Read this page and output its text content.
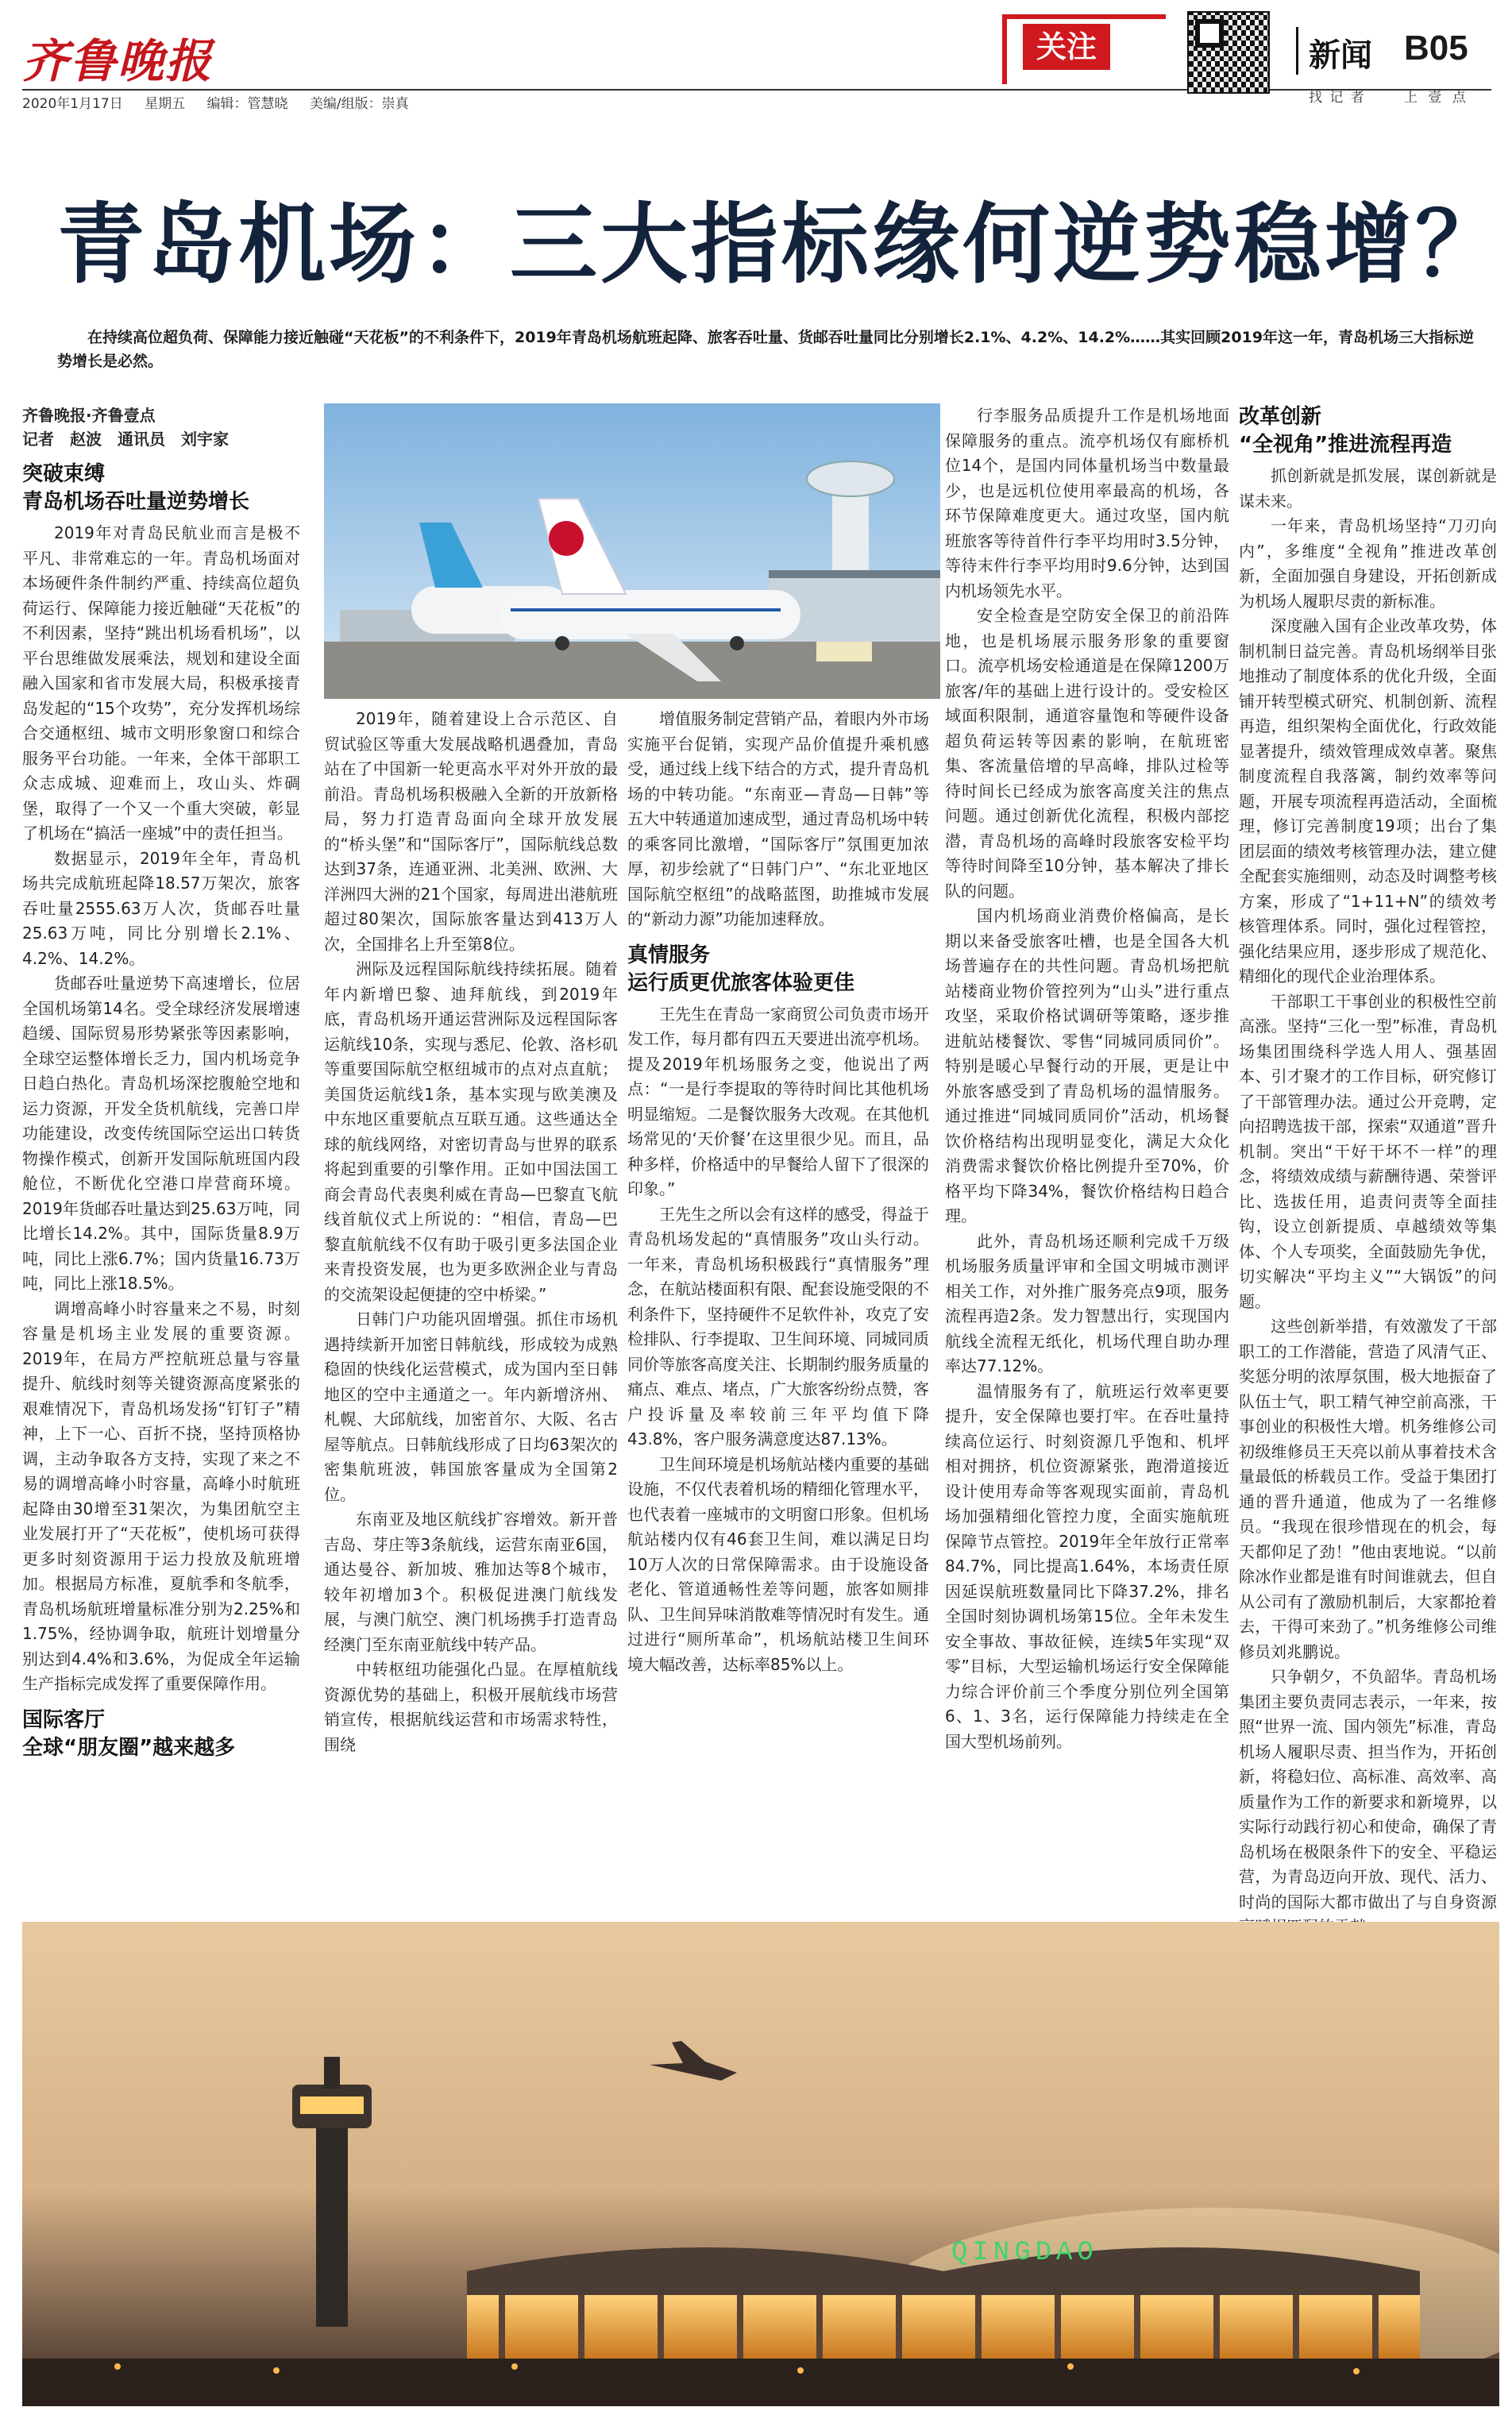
齐鲁晚报
2020年1月17日 星期五 编辑：管慧晓 美编/组版：崇真
关注	新闻 B05
找 记 者	上 壹 点
青岛机场：三大指标缘何逆势稳增？
在持续高位超负荷、保障能力接近触碰“天花板”的不利条件下，2019年青岛机场航班起降、旅客吞吐量、货邮吞吐量同比分别增长2.1%、4.2%、14.2%……其实回顾2019年这一年，青岛机场三大指标逆势增长是必然。
齐鲁晚报·齐鲁壹点
记者　赵波　通讯员　刘宇家
突破束缚
青岛机场吞吐量逆势增长

2019年对青岛民航业而言是极不平凡、非常难忘的一年。青岛机场面对本场硬件条件制约严重、持续高位超负荷运行、保障能力接近触碰“天花板”的不利因素，坚持“跳出机场看机场”，以平台思维做发展乘法，规划和建设全面融入国家和省市发展大局，积极承接青岛发起的“15个攻势”，充分发挥机场综合交通枢纽、城市文明形象窗口和综合服务平台功能。一年来，全体干部职工众志成城、迎难而上，攻山头、炸碉堡，取得了一个又一个重大突破，彰显了机场在“搞活一座城”中的责任担当。

数据显示，2019年全年，青岛机场共完成航班起降18.57万架次，旅客吞吐量2555.63万人次，货邮吞吐量25.63万吨，同比分别增长2.1%、4.2%、14.2%。

货邮吞吐量逆势下高速增长，位居全国机场第14名。受全球经济发展增速趋缓、国际贸易形势紧张等因素影响，全球空运整体增长乏力，国内机场竞争日趋白热化。青岛机场深挖腹舱空地和运力资源，开发全货机航线，完善口岸功能建设，改变传统国际空运出口转货物操作模式，创新开发国际航班国内段舱位，不断优化空港口岸营商环境。2019年货邮吞吐量达到25.63万吨，同比增长14.2%。其中，国际货量8.9万吨，同比上涨6.7%；国内货量16.73万吨，同比上涨18.5%。

调增高峰小时容量来之不易，时刻容量是机场主业发展的重要资源。2019年，在局方严控航班总量与容量提升、航线时刻等关键资源高度紧张的艰难情况下，青岛机场发扬“钉钉子”精神，上下一心、百折不挠，坚持顶格协调，主动争取各方支持，实现了来之不易的调增高峰小时容量，高峰小时航班起降由30增至31架次，为集团航空主业发展打开了“天花板”，使机场可获得更多时刻资源用于运力投放及航班增加。根据局方标准，夏航季和冬航季，青岛机场航班增量标准分别为2.25%和1.75%，经协调争取，航班计划增量分别达到4.4%和3.6%，为促成全年运输生产指标完成发挥了重要保障作用。

国际客厅
全球“朋友圈”越来越多

2019年，随着建设上合示范区、自贸试验区等重大发展战略机遇叠加，青岛站在了中国新一轮更高水平对外开放的最前沿。青岛机场积极融入全新的开放新格局，努力打造青岛面向全球开放发展的“桥头堡”和“国际客厅”，国际航线总数达到37条，连通亚洲、北美洲、欧洲、大洋洲四大洲的21个国家，每周进出港航班超过80架次，国际旅客量达到413万人次，全国排名上升至第8位。

洲际及远程国际航线持续拓展。随着年内新增巴黎、迪拜航线，到2019年底，青岛机场开通运营洲际及远程国际客运航线10条，实现与悉尼、伦敦、洛杉矶等重要国际航空枢纽城市的点对点直航；美国货运航线1条，基本实现与欧美澳及中东地区重要航点互联互通。这些通达全球的航线网络，对密切青岛与世界的联系将起到重要的引擎作用。正如中国法国工商会青岛代表奥利威在青岛—巴黎直飞航线首航仪式上所说的：“相信，青岛—巴黎直航航线不仅有助于吸引更多法国企业来青投资发展，也为更多欧洲企业与青岛的交流架设起便捷的空中桥梁。”

日韩门户功能巩固增强。抓住市场机遇持续新开加密日韩航线，形成较为成熟稳固的快线化运营模式，成为国内至日韩地区的空中主通道之一。年内新增济州、札幌、大邱航线，加密首尔、大阪、名古屋等航点。日韩航线形成了日均63架次的密集航班波，韩国旅客量成为全国第2位。

东南亚及地区航线扩容增效。新开普吉岛、芽庄等3条航线，运营东南亚6国，通达曼谷、新加坡、雅加达等8个城市，较年初增加3个。积极促进澳门航线发展，与澳门航空、澳门机场携手打造青岛经澳门至东南亚航线中转产品。

中转枢纽功能强化凸显。在厚植航线资源优势的基础上，积极开展航线市场营销宣传，根据航线运营和市场需求特性，围绕

增值服务制定营销产品，着眼内外市场实施平台促销，实现产品价值提升乘机感受，通过线上线下结合的方式，提升青岛机场的中转功能。“东南亚—青岛—日韩”等五大中转通道加速成型，通过青岛机场中转的乘客同比激增，“国际客厅”氛围更加浓厚，初步绘就了“日韩门户”、“东北亚地区国际航空枢纽”的战略蓝图，助推城市发展的“新动力源”功能加速释放。

真情服务
运行质更优旅客体验更佳

王先生在青岛一家商贸公司负责市场开发工作，每月都有四五天要进出流亭机场。提及2019年机场服务之变，他说出了两点：“一是行李提取的等待时间比其他机场明显缩短。二是餐饮服务大改观。在其他机场常见的‘天价餐’在这里很少见。而且，品种多样，价格适中的早餐给人留下了很深的印象。”

王先生之所以会有这样的感受，得益于青岛机场发起的“真情服务”攻山头行动。一年来，青岛机场积极践行“真情服务”理念，在航站楼面积有限、配套设施受限的不利条件下，坚持硬件不足软件补，攻克了安检排队、行李提取、卫生间环境、同城同质同价等旅客高度关注、长期制约服务质量的痛点、难点、堵点，广大旅客纷纷点赞，客户投诉量及率较前三年平均值下降43.8%，客户服务满意度达87.13%。

卫生间环境是机场航站楼内重要的基础设施，不仅代表着机场的精细化管理水平，也代表着一座城市的文明窗口形象。但机场航站楼内仅有46套卫生间，难以满足日均10万人次的日常保障需求。由于设施设备老化、管道通畅性差等问题，旅客如厕排队、卫生间异味消散难等情况时有发生。通过进行“厕所革命”，机场航站楼卫生间环境大幅改善，达标率85%以上。

行李服务品质提升工作是机场地面保障服务的重点。流亭机场仅有廊桥机位14个，是国内同体量机场当中数量最少，也是远机位使用率最高的机场，各环节保障难度更大。通过攻坚，国内航班旅客等待首件行李平均用时3.5分钟，等待末件行李平均用时9.6分钟，达到国内机场领先水平。

安全检查是空防安全保卫的前沿阵地，也是机场展示服务形象的重要窗口。流亭机场安检通道是在保障1200万旅客/年的基础上进行设计的。受安检区域面积限制，通道容量饱和等硬件设备超负荷运转等因素的影响，在航班密集、客流量倍增的早高峰，排队过检等待时间长已经成为旅客高度关注的焦点问题。通过创新优化流程，积极内部挖潜，青岛机场的高峰时段旅客安检平均等待时间降至10分钟，基本解决了排长队的问题。

国内机场商业消费价格偏高，是长期以来备受旅客吐槽，也是全国各大机场普遍存在的共性问题。青岛机场把航站楼商业物价管控列为“山头”进行重点攻坚，采取价格试调研等策略，逐步推进航站楼餐饮、零售“同城同质同价”。特别是暖心早餐行动的开展，更是让中外旅客感受到了青岛机场的温情服务。通过推进“同城同质同价”活动，机场餐饮价格结构出现明显变化，满足大众化消费需求餐饮价格比例提升至70%，价格平均下降34%，餐饮价格结构日趋合理。

此外，青岛机场还顺利完成千万级机场服务质量评审和全国文明城市测评相关工作，对外推广服务亮点9项，服务流程再造2条。发力智慧出行，实现国内航线全流程无纸化，机场代理自助办理率达77.12%。

温情服务有了，航班运行效率更要提升，安全保障也要打牢。在吞吐量持续高位运行、时刻资源几乎饱和、机坪相对拥挤，机位资源紧张，跑滑道接近设计使用寿命等客观现实面前，青岛机场加强精细化管控力度，全面实施航班保障节点管控。2019年全年放行正常率84.7%，同比提高1.64%，本场责任原因延误航班数量同比下降37.2%，排名全国时刻协调机场第15位。全年未发生安全事故、事故征候，连续5年实现“双零”目标，大型运输机场运行安全保障能力综合评价前三个季度分别位列全国第6、1、3名，运行保障能力持续走在全国大型机场前列。

改革创新
“全视角”推进流程再造

抓创新就是抓发展，谋创新就是谋未来。

一年来，青岛机场坚持“刀刃向内”，多维度“全视角”推进改革创新，全面加强自身建设，开拓创新成为机场人履职尽责的新标准。

深度融入国有企业改革攻势，体制机制日益完善。青岛机场纲举目张地推动了制度体系的优化升级，全面铺开转型模式研究、机制创新、流程再造，组织架构全面优化，行政效能显著提升，绩效管理成效卓著。聚焦制度流程自我落篱，制约效率等问题，开展专项流程再造活动，全面梳理，修订完善制度19项；出台了集团层面的绩效考核管理办法，建立健全配套实施细则，动态及时调整考核方案，形成了“1+11+N”的绩效考核管理体系。同时，强化过程管控，强化结果应用，逐步形成了规范化、精细化的现代企业治理体系。

干部职工干事创业的积极性空前高涨。坚持“三化一型”标准，青岛机场集团围绕科学选人用人、强基固本、引才聚才的工作目标，研究修订了干部管理办法。通过公开竞聘，定向招聘选拔干部，探索“双通道”晋升机制。突出“干好干坏不一样”的理念，将绩效成绩与薪酬待遇、荣誉评比、选拔任用，追责问责等全面挂钩，设立创新提质、卓越绩效等集体、个人专项奖，全面鼓励先争优，切实解决“平均主义”“大锅饭”的问题。

这些创新举措，有效激发了干部职工的工作潜能，营造了风清气正、奖惩分明的浓厚氛围，极大地振奋了队伍士气，职工精气神空前高涨，干事创业的积极性大增。机务维修公司初级维修员王天亮以前从事着技术含量最低的桥载员工作。受益于集团打通的晋升通道，他成为了一名维修员。“我现在很珍惜现在的机会，每天都仰足了劲！”他由衷地说。“以前除冰作业都是谁有时间谁就去，但自从公司有了激励机制后，大家都抢着去，干得可来劲了。”机务维修公司维修员刘兆鹏说。

只争朝夕，不负韶华。青岛机场集团主要负责同志表示，一年来，按照“世界一流、国内领先”标准，青岛机场人履职尽责、担当作为，开拓创新，将稳妇位、高标准、高效率、高质量作为工作的新要求和新境界，以实际行动践行初心和使命，确保了青岛机场在极限条件下的安全、平稳运营，为青岛迈向开放、现代、活力、时尚的国际大都市做出了与自身资源

QINGDAO
